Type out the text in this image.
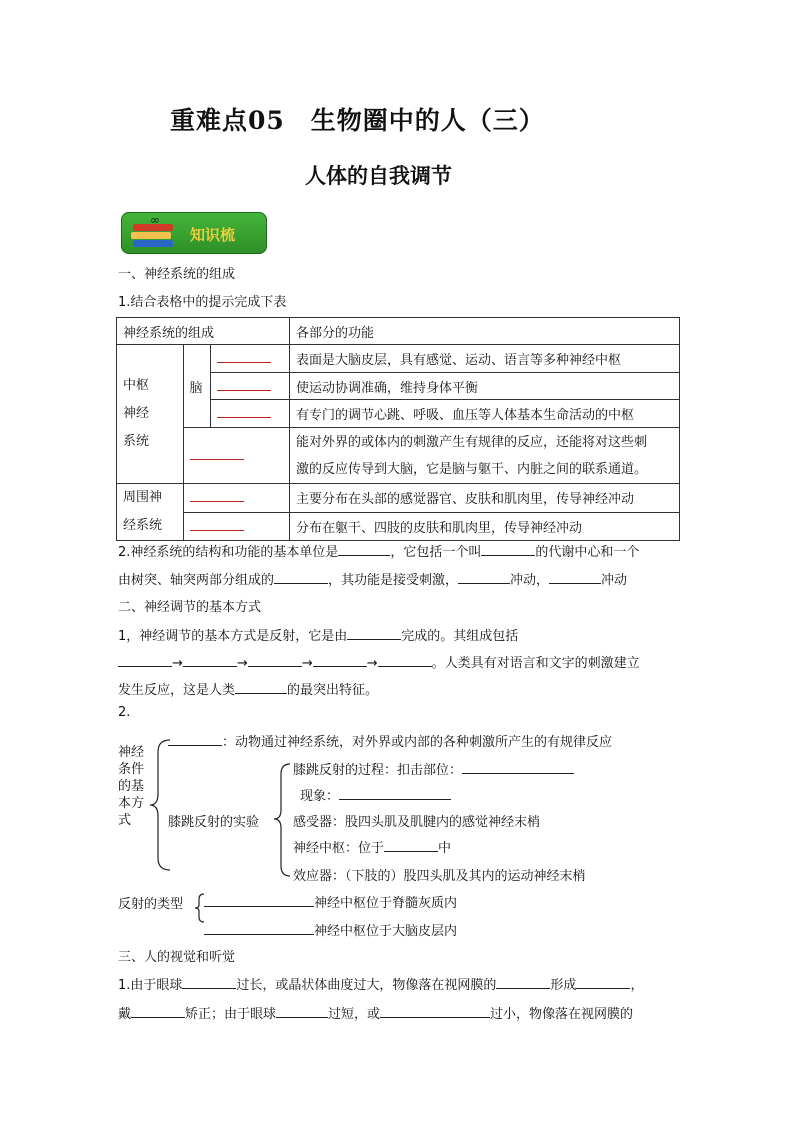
重难点05　生物圈中的人（三）
人体的自我调节
∞
知识梳
一、神经系统的组成
1.结合表格中的提示完成下表
神经系统的组成			各部分的功能

中枢
神经
系统	脑		表面是大脑皮层，具有感觉、运动、语言等多种神经中枢
			使运动协调准确，维持身体平衡
			有专门的调节心跳、呼吸、血压等人体基本生命活动的中枢

			能对外界的或体内的刺激产生有规律的反应，还能将对这些刺
激的反应传导到大脑，它是脑与躯干、内脏之间的联系通道。

周围神
经系统			主要分布在头部的感觉器官、皮肤和肌肉里，传导神经冲动
			分布在躯干、四肢的皮肤和肌肉里，传导神经冲动
2.神经系统的结构和功能的基本单位是	，它包括一个叫	的代谢中心和一个
由树突、轴突两部分组成的	，其功能是接受刺激，	冲动，	冲动
二、神经调节的基本方式
1，神经调节的基本方式是反射，它是由	完成的。其组成包括
→	→	→	→	。人类具有对语言和文字的刺激建立
发生反应，这是人类	的最突出特征。
2.
神经
条件
的基
本方
式
：动物通过神经系统，对外界或内部的各种刺激所产生的有规律反应
膝跳反射的实验
膝跳反射的过程：扣击部位：
现象：
感受器：股四头肌及肌腱内的感觉神经末梢
神经中枢：位于	中
效应器：（下肢的）股四头肌及其内的运动神经末梢
反射的类型	神经中枢位于脊髓灰质内
神经中枢位于大脑皮层内
三、人的视觉和听觉
1.由于眼球	过长，或晶状体曲度过大，物像落在视网膜的	形成	，
戴	矫正；由于眼球	过短，或	过小，物像落在视网膜的
